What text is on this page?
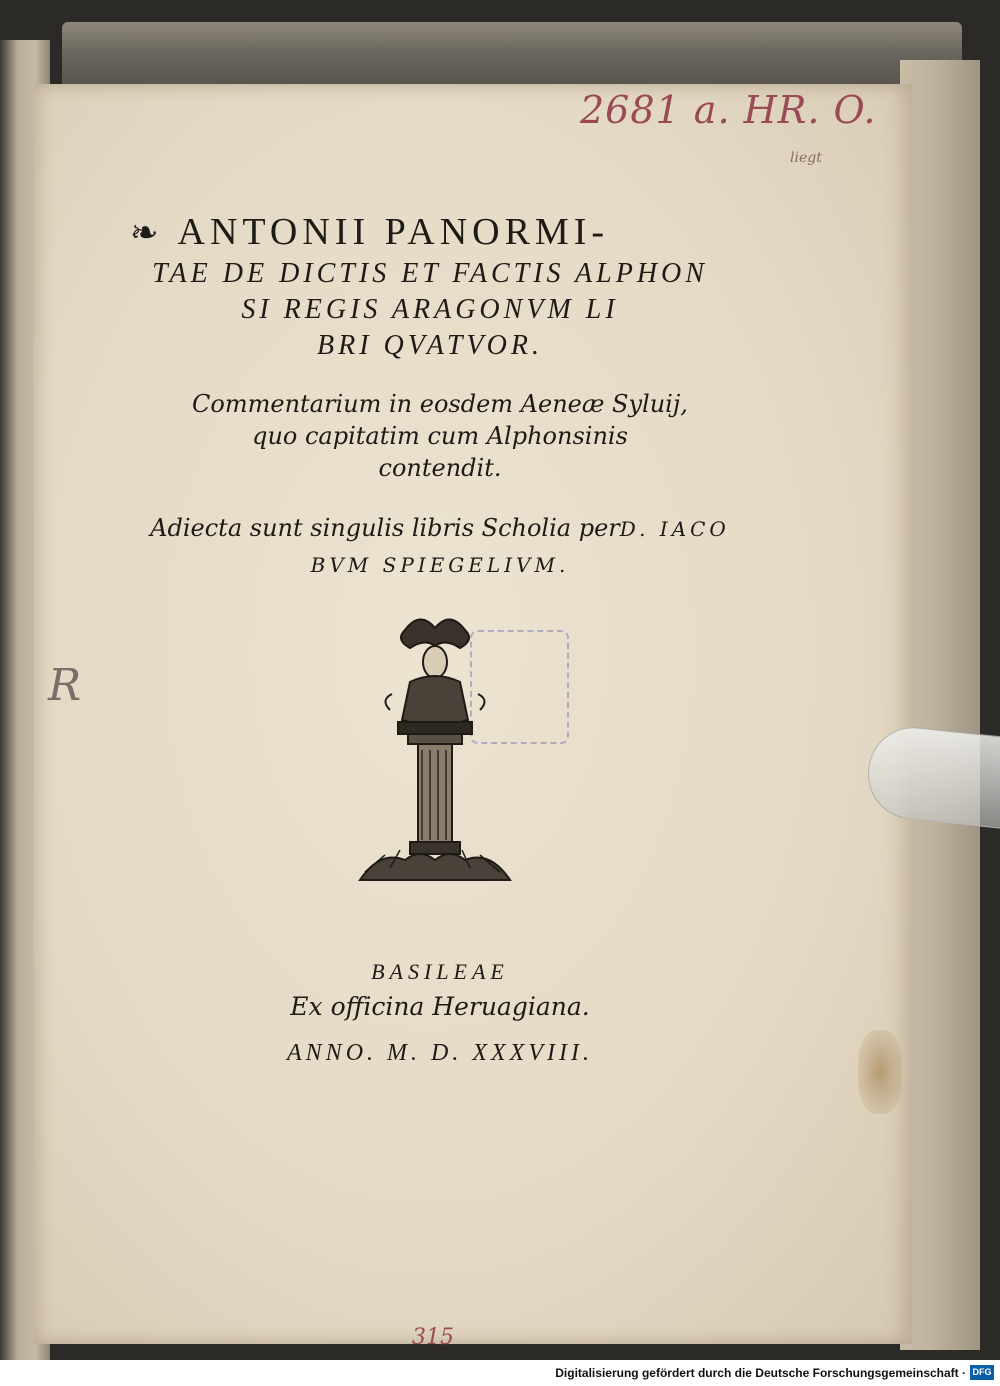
2681 a. HR. O.
liegt
R
315
❧ ANTONII PANORMI-
TAE DE DICTIS ET FACTIS ALPHON
SI REGIS ARAGONVM LI
BRI QVATVOR.
Commentarium in eosdem Aeneæ Syluij,
quo capitatim cum Alphonsinis
contendit.
Adiecta sunt singulis libris Scholia perD. IACO
BVM SPIEGELIVM.
BASILEAE
Ex officina Heruagiana.
ANNO. M. D. XXXVIII.
Digitalisierung gefördert durch die Deutsche Forschungsgemeinschaft · DFG
